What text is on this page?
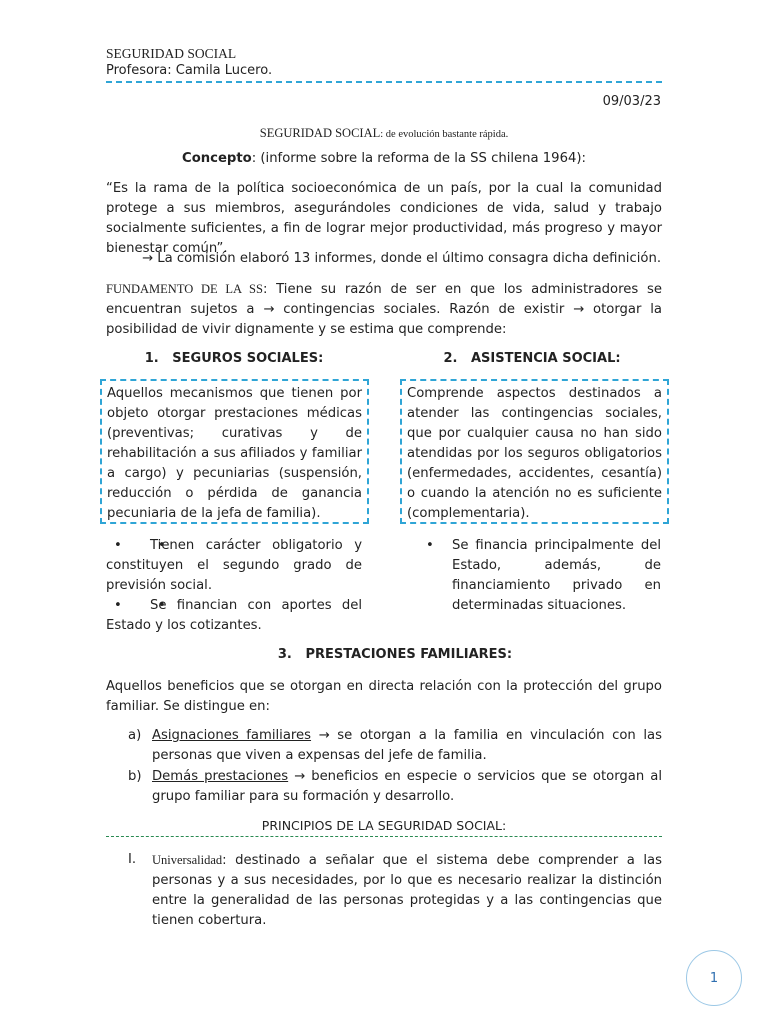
SEGURIDAD SOCIAL
Profesora: Camila Lucero.
09/03/23
SEGURIDAD SOCIAL: de evolución bastante rápida.
Concepto: (informe sobre la reforma de la SS chilena 1964):
“Es la rama de la política socioeconómica de un país, por la cual la comunidad protege a sus miembros, asegurándoles condiciones de vida, salud y trabajo socialmente suficientes, a fin de lograr mejor productividad, más progreso y mayor bienestar común”.
→ La comisión elaboró 13 informes, donde el último consagra dicha definición.
FUNDAMENTO DE LA SS: Tiene su razón de ser en que los administradores se encuentran sujetos a → contingencias sociales. Razón de existir → otorgar la posibilidad de vivir dignamente y se estima que comprende:
1. SEGUROS SOCIALES:	2. ASISTENCIA SOCIAL:
Aquellos mecanismos que tienen por objeto otorgar prestaciones médicas (preventivas; curativas y de rehabilitación a sus afiliados y familiar a cargo) y pecuniarias (suspensión, reducción o pérdida de ganancia pecuniaria de la jefa de familia).
Comprende aspectos destinados a atender las contingencias sociales, que por cualquier causa no han sido atendidas por los seguros obligatorios (enfermedades, accidentes, cesantía) o cuando la atención no es suficiente (complementaria).
• • Tienen carácter obligatorio y constituyen el segundo grado de previsión social.
• • Se financian con aportes del Estado y los cotizantes.
• Se financia principalmente del Estado, además, de financiamiento privado en determinadas situaciones.
3. PRESTACIONES FAMILIARES:
Aquellos beneficios que se otorgan en directa relación con la protección del grupo familiar. Se distingue en:
a) Asignaciones familiares → se otorgan a la familia en vinculación con las personas que viven a expensas del jefe de familia.
b) Demás prestaciones → beneficios en especie o servicios que se otorgan al grupo familiar para su formación y desarrollo.
PRINCIPIOS DE LA SEGURIDAD SOCIAL:
I.	Universalidad: destinado a señalar que el sistema debe comprender a las personas y a sus necesidades, por lo que es necesario realizar la distinción entre la generalidad de las personas protegidas y a las contingencias que tienen cobertura.
1
